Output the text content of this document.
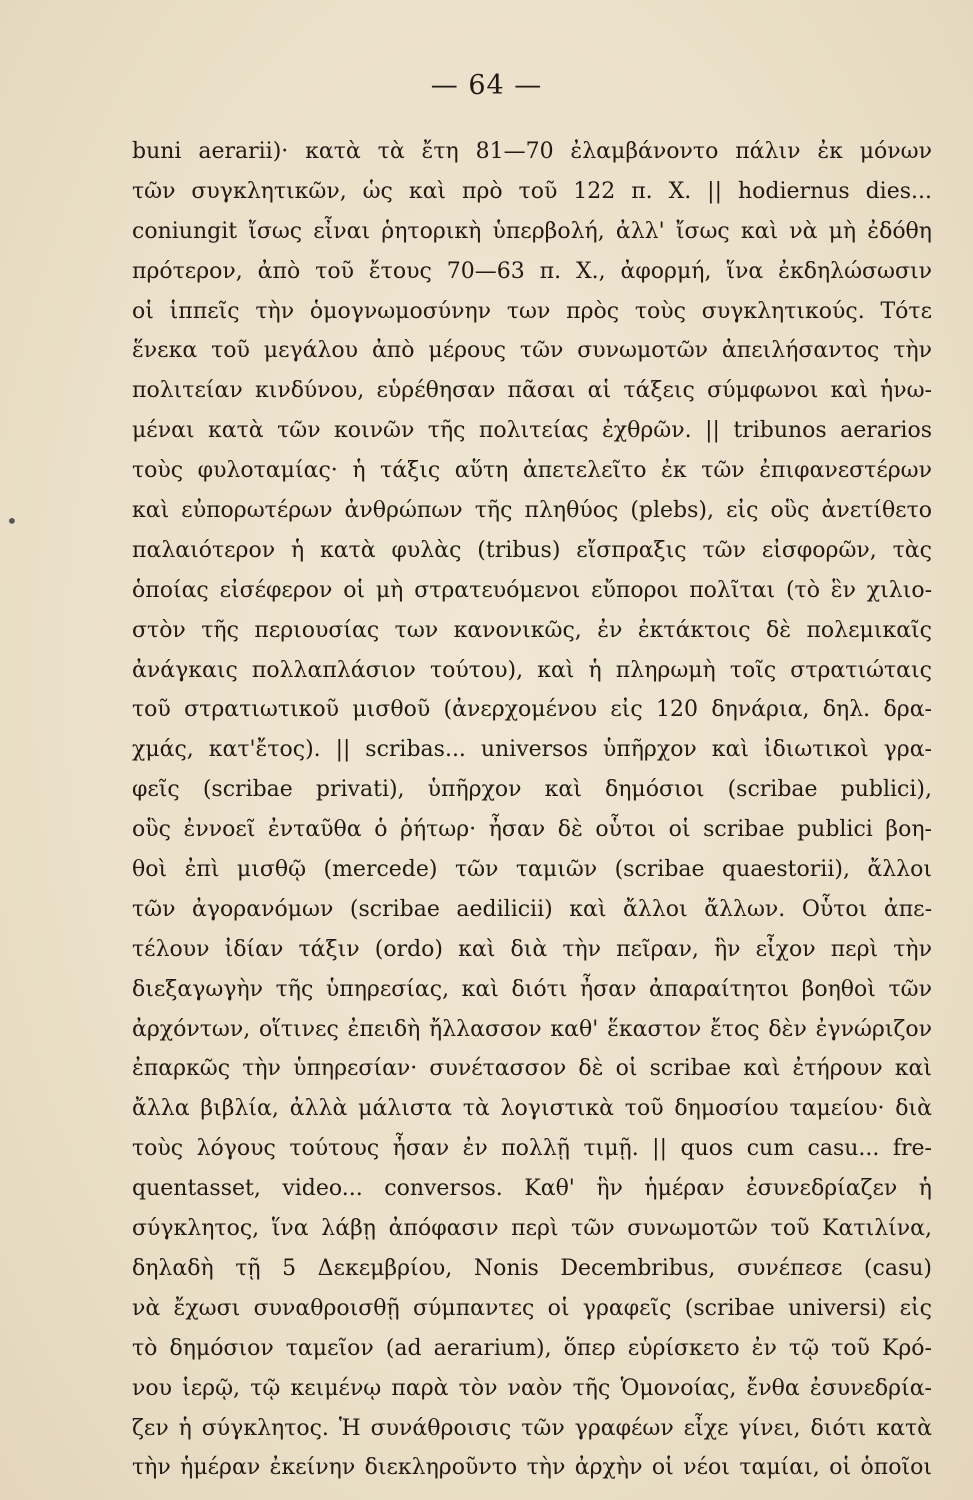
— 64 —
•
buni aerarii)· κατὰ τὰ ἔτη 81—70 ἐλαμβάνοντο πάλιν ἐκ μόνων
τῶν συγκλητικῶν, ὡς καὶ πρὸ τοῦ 122 π. Χ. || hodiernus dies...
coniungit ἴσως εἶναι ῥητορικὴ ὑπερβολή, ἀλλ' ἴσως καὶ νὰ μὴ ἐδόθη
πρότερον, ἀπὸ τοῦ ἔτους 70—63 π. Χ., ἀφορμή, ἵνα ἐκδηλώσωσιν
οἱ ἱππεῖς τὴν ὁμογνωμοσύνην των πρὸς τοὺς συγκλητικούς. Τότε
ἕνεκα τοῦ μεγάλου ἀπὸ μέρους τῶν συνωμοτῶν ἀπειλήσαντος τὴν
πολιτείαν κινδύνου, εὑρέθησαν πᾶσαι αἱ τάξεις σύμφωνοι καὶ ἡνω-
μέναι κατὰ τῶν κοινῶν τῆς πολιτείας ἐχθρῶν. || tribunos aerarios
τοὺς φυλοταμίας· ἡ τάξις αὕτη ἀπετελεῖτο ἐκ τῶν ἐπιφανεστέρων
καὶ εὐπορωτέρων ἀνθρώπων τῆς πληθύος (plebs), εἰς οὓς ἀνετίθετο
παλαιότερον ἡ κατὰ φυλὰς (tribus) εἴσπραξις τῶν εἰσφορῶν, τὰς
ὁποίας εἰσέφερον οἱ μὴ στρατευόμενοι εὔποροι πολῖται (τὸ ἓν χιλιο-
στὸν τῆς περιουσίας των κανονικῶς, ἐν ἐκτάκτοις δὲ πολεμικαῖς
ἀνάγκαις πολλαπλάσιον τούτου), καὶ ἡ πληρωμὴ τοῖς στρατιώταις
τοῦ στρατιωτικοῦ μισθοῦ (ἀνερχομένου εἰς 120 δηνάρια, δηλ. δρα-
χμάς, κατ'ἔτος). || scribas... universos ὑπῆρχον καὶ ἰδιωτικοὶ γρα-
φεῖς (scribae privati), ὑπῆρχον καὶ δημόσιοι (scribae publici),
οὓς ἐννοεῖ ἐνταῦθα ὁ ῥήτωρ· ἦσαν δὲ οὗτοι οἱ scribae publici βοη-
θοὶ ἐπὶ μισθῷ (mercede) τῶν ταμιῶν (scribae quaestorii), ἄλλοι
τῶν ἀγορανόμων (scribae aedilicii) καὶ ἄλλοι ἄλλων. Οὗτοι ἀπε-
τέλουν ἰδίαν τάξιν (ordo) καὶ διὰ τὴν πεῖραν, ἣν εἶχον περὶ τὴν
διεξαγωγὴν τῆς ὑπηρεσίας, καὶ διότι ἦσαν ἀπαραίτητοι βοηθοὶ τῶν
ἀρχόντων, οἵτινες ἐπειδὴ ἤλλασσον καθ' ἕκαστον ἔτος δὲν ἐγνώριζον
ἐπαρκῶς τὴν ὑπηρεσίαν· συνέτασσον δὲ οἱ scribae καὶ ἐτήρουν καὶ
ἄλλα βιβλία, ἀλλὰ μάλιστα τὰ λογιστικὰ τοῦ δημοσίου ταμείου· διὰ
τοὺς λόγους τούτους ἦσαν ἐν πολλῇ τιμῇ. || quos cum casu... fre-
quentasset, video... conversos. Καθ' ἣν ἡμέραν ἐσυνεδρίαζεν ἡ
σύγκλητος, ἵνα λάβῃ ἀπόφασιν περὶ τῶν συνωμοτῶν τοῦ Κατιλίνα,
δηλαδὴ τῇ 5 Δεκεμβρίου, Nonis Decembribus, συνέπεσε (casu)
νὰ ἔχωσι συναθροισθῇ σύμπαντες οἱ γραφεῖς (scribae universi) εἰς
τὸ δημόσιον ταμεῖον (ad aerarium), ὅπερ εὑρίσκετο ἐν τῷ τοῦ Κρό-
νου ἱερῷ, τῷ κειμένῳ παρὰ τὸν ναὸν τῆς Ὁμονοίας, ἔνθα ἐσυνεδρία-
ζεν ἡ σύγκλητος. Ἡ συνάθροισις τῶν γραφέων εἶχε γίνει, διότι κατὰ
τὴν ἡμέραν ἐκείνην διεκληροῦντο τὴν ἀρχὴν οἱ νέοι ταμίαι, οἱ ὁποῖοι
